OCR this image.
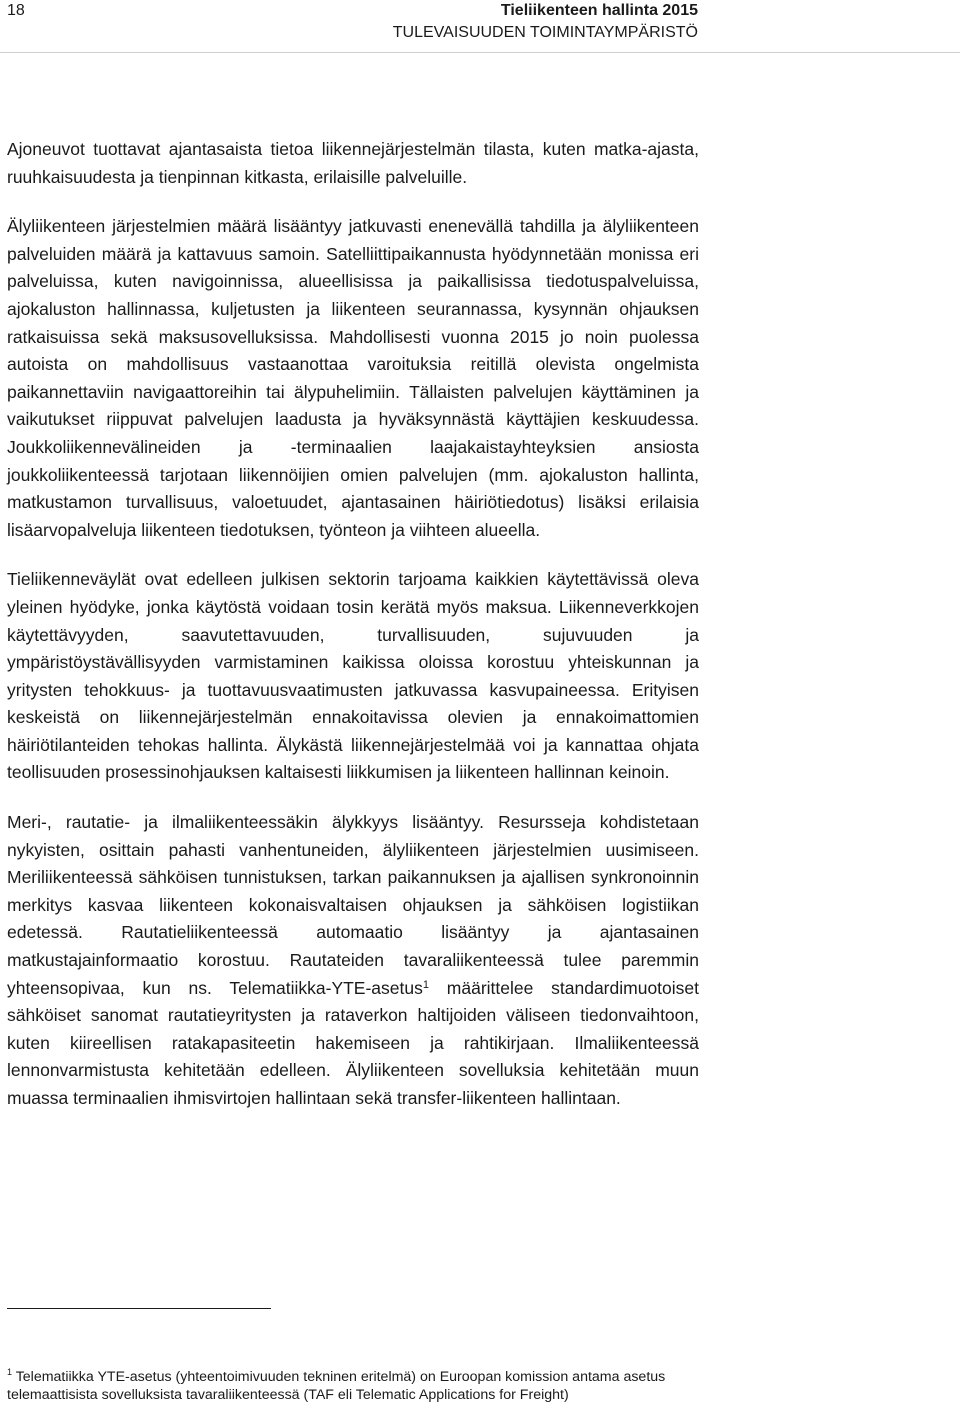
18	Tieliikenteen hallinta 2015
TULEVAISUUDEN TOIMINTAYMPÄRISTÖ

Ajoneuvot tuottavat ajantasaista tietoa liikennejärjestelmän tilasta, kuten matka-ajasta, ruuhkaisuudesta ja tienpinnan kitkasta, erilaisille palveluille.

Älyliikenteen järjestelmien määrä lisääntyy jatkuvasti enenevällä tahdilla ja älyliikenteen palveluiden määrä ja kattavuus samoin. Satelliittipaikannusta hyödynnetään monissa eri palveluissa, kuten navigoinnissa, alueellisissa ja paikallisissa tiedotuspalveluissa, ajokaluston hallinnassa, kuljetusten ja liikenteen seurannassa, kysynnän ohjauksen ratkaisuissa sekä maksusovelluksissa. Mahdollisesti vuonna 2015 jo noin puolessa autoista on mahdollisuus vastaanottaa varoituksia reitillä olevista ongelmista paikannettaviin navigaattoreihin tai älypuhelimiin. Tällaisten palvelujen käyttäminen ja vaikutukset riippuvat palvelujen laadusta ja hyväksynnästä käyttäjien keskuudessa. Joukkoliikennevälineiden ja -terminaalien laajakaistayhteyksien ansiosta joukkoliikenteessä tarjotaan liikennöijien omien palvelujen (mm. ajokaluston hallinta, matkustamon turvallisuus, valoetuudet, ajantasainen häiriötiedotus) lisäksi erilaisia lisäarvopalveluja liikenteen tiedotuksen, työnteon ja viihteen alueella.

Tieliikenneväylät ovat edelleen julkisen sektorin tarjoama kaikkien käytettävissä oleva yleinen hyödyke, jonka käytöstä voidaan tosin kerätä myös maksua. Liikenneverkkojen käytettävyyden, saavutettavuuden, turvallisuuden, sujuvuuden ja ympäristöystävällisyyden varmistaminen kaikissa oloissa korostuu yhteiskunnan ja yritysten tehokkuus- ja tuottavuusvaatimusten jatkuvassa kasvupaineessa. Erityisen keskeistä on liikennejärjestelmän ennakoitavissa olevien ja ennakoimattomien häiriötilanteiden tehokas hallinta. Älykästä liikennejärjestelmää voi ja kannattaa ohjata teollisuuden prosessinohjauksen kaltaisesti liikkumisen ja liikenteen hallinnan keinoin.

Meri-, rautatie- ja ilmaliikenteessäkin älykkyys lisääntyy. Resursseja kohdistetaan nykyisten, osittain pahasti vanhentuneiden, älyliikenteen järjestelmien uusimiseen. Meriliikenteessä sähköisen tunnistuksen, tarkan paikannuksen ja ajallisen synkronoinnin merkitys kasvaa liikenteen kokonaisvaltaisen ohjauksen ja sähköisen logistiikan edetessä. Rautatieliikenteessä automaatio lisääntyy ja ajantasainen matkustajainformaatio korostuu. Rautateiden tavaraliikenteessä tulee paremmin yhteensopivaa, kun ns. Telematiikka-YTE-asetus$^1$ määrittelee standardimuotoiset sähköiset sanomat rautatieyritysten ja rataverkon haltijoiden väliseen tiedonvaihtoon, kuten kiireellisen ratakapasiteetin hakemiseen ja rahtikirjaan. Ilmaliikenteessä lennonvarmistusta kehitetään edelleen. Älyliikenteen sovelluksia kehitetään muun muassa terminaalien ihmisvirtojen hallintaan sekä transfer-liikenteen hallintaan.

$^1$ Telematiikka YTE-asetus (yhteentoimivuuden tekninen eritelmä) on Euroopan komission antama asetus telemaattisista sovelluksista tavaraliikenteessä (TAF eli Telematic Applications for Freight)
